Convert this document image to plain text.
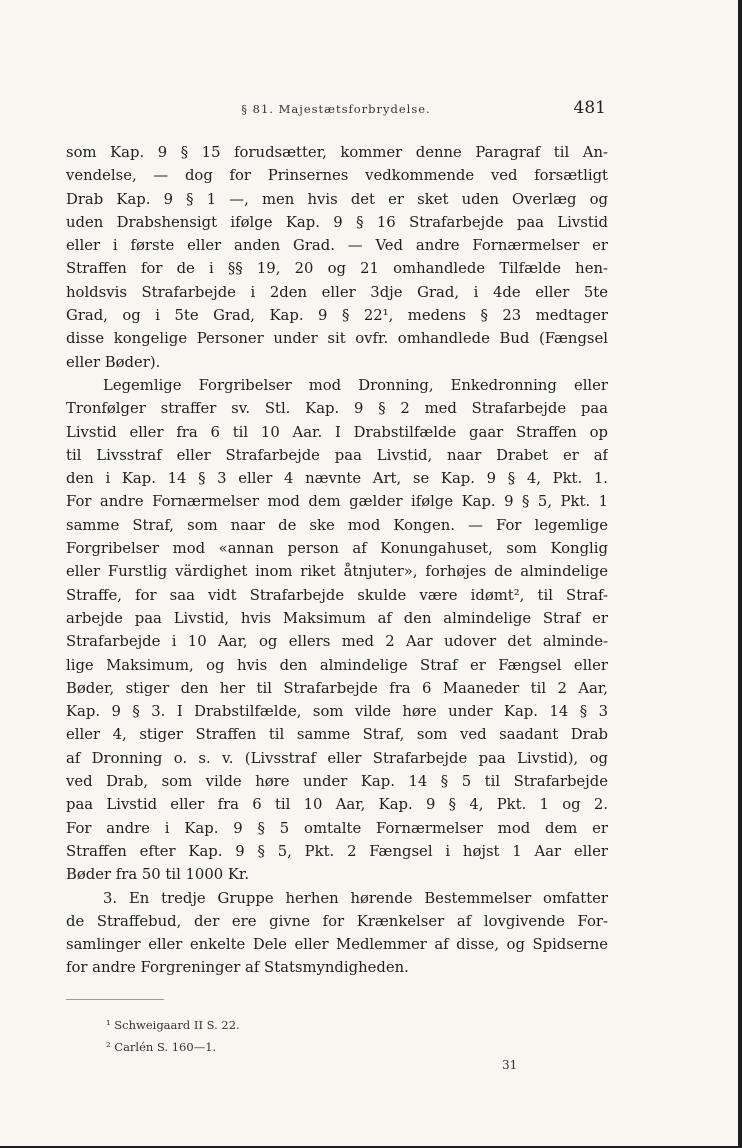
§ 81. Majestætsforbrydelse.	481
som Kap. 9 § 15 forudsætter, kommer denne Paragraf til An-
vendelse, — dog for Prinsernes vedkommende ved forsætligt
Drab Kap. 9 § 1 —, men hvis det er sket uden Overlæg og
uden Drabshensigt ifølge Kap. 9 § 16 Strafarbejde paa Livstid
eller i første eller anden Grad. — Ved andre Fornærmelser er
Straffen for de i §§ 19, 20 og 21 omhandlede Tilfælde hen-
holdsvis Strafarbejde i 2den eller 3dje Grad, i 4de eller 5te
Grad, og i 5te Grad, Kap. 9 § 22¹, medens § 23 medtager
disse kongelige Personer under sit ovfr. omhandlede Bud (Fængsel
eller Bøder).
Legemlige Forgribelser mod Dronning, Enkedronning eller
Tronfølger straffer sv. Stl. Kap. 9 § 2 med Strafarbejde paa
Livstid eller fra 6 til 10 Aar. I Drabstilfælde gaar Straffen op
til Livsstraf eller Strafarbejde paa Livstid, naar Drabet er af
den i Kap. 14 § 3 eller 4 nævnte Art, se Kap. 9 § 4, Pkt. 1.
For andre Fornærmelser mod dem gælder ifølge Kap. 9 § 5, Pkt. 1
samme Straf, som naar de ske mod Kongen. — For legemlige
Forgribelser mod «annan person af Konungahuset, som Konglig
eller Furstlig värdighet inom riket åtnjuter», forhøjes de almindelige
Straffe, for saa vidt Strafarbejde skulde være idømt², til Straf-
arbejde paa Livstid, hvis Maksimum af den almindelige Straf er
Strafarbejde i 10 Aar, og ellers med 2 Aar udover det alminde-
lige Maksimum, og hvis den almindelige Straf er Fængsel eller
Bøder, stiger den her til Strafarbejde fra 6 Maaneder til 2 Aar,
Kap. 9 § 3. I Drabstilfælde, som vilde høre under Kap. 14 § 3
eller 4, stiger Straffen til samme Straf, som ved saadant Drab
af Dronning o. s. v. (Livsstraf eller Strafarbejde paa Livstid), og
ved Drab, som vilde høre under Kap. 14 § 5 til Strafarbejde
paa Livstid eller fra 6 til 10 Aar, Kap. 9 § 4, Pkt. 1 og 2.
For andre i Kap. 9 § 5 omtalte Fornærmelser mod dem er
Straffen efter Kap. 9 § 5, Pkt. 2 Fængsel i højst 1 Aar eller
Bøder fra 50 til 1000 Kr.
3. En tredje Gruppe herhen hørende Bestemmelser omfatter
de Straffebud, der ere givne for Krænkelser af lovgivende For-
samlinger eller enkelte Dele eller Medlemmer af disse, og Spidserne
for andre Forgreninger af Statsmyndigheden.
¹ Schweigaard II S. 22.
² Carlén S. 160—1.
31
